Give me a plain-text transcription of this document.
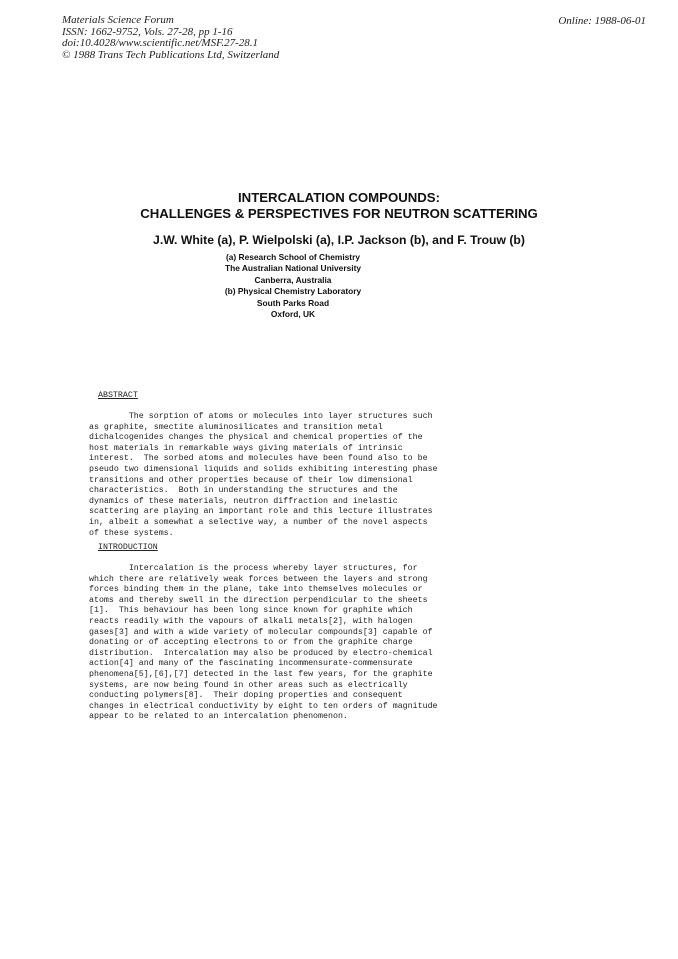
Materials Science Forum
ISSN: 1662-9752, Vols. 27-28, pp 1-16
doi:10.4028/www.scientific.net/MSF.27-28.1
© 1988 Trans Tech Publications Ltd, Switzerland
Online: 1988-06-01
INTERCALATION COMPOUNDS:
CHALLENGES & PERSPECTIVES FOR NEUTRON SCATTERING
J.W. White (a), P. Wielpolski (a), I.P. Jackson (b), and F. Trouw (b)
(a) Research School of Chemistry
The Australian National University
Canberra, Australia
(b) Physical Chemistry Laboratory
South Parks Road
Oxford, UK
ABSTRACT
The sorption of atoms or molecules into layer structures such
as graphite, smectite aluminosilicates and transition metal
dichalcogenides changes the physical and chemical properties of the
host materials in remarkable ways giving materials of intrinsic
interest.  The sorbed atoms and molecules have been found also to be
pseudo two dimensional liquids and solids exhibiting interesting phase
transitions and other properties because of their low dimensional
characteristics.  Both in understanding the structures and the
dynamics of these materials, neutron diffraction and inelastic
scattering are playing an important role and this lecture illustrates
in, albeit a somewhat a selective way, a number of the novel aspects
of these systems.
INTRODUCTION
Intercalation is the process whereby layer structures, for
which there are relatively weak forces between the layers and strong
forces binding them in the plane, take into themselves molecules or
atoms and thereby swell in the direction perpendicular to the sheets
[1].  This behaviour has been long since known for graphite which
reacts readily with the vapours of alkali metals[2], with halogen
gases[3] and with a wide variety of molecular compounds[3] capable of
donating or of accepting electrons to or from the graphite charge
distribution.  Intercalation may also be produced by electro-chemical
action[4] and many of the fascinating incommensurate-commensurate
phenomena[5],[6],[7] detected in the last few years, for the graphite
systems, are now being found in other areas such as electrically
conducting polymers[8].  Their doping properties and consequent
changes in electrical conductivity by eight to ten orders of magnitude
appear to be related to an intercalation phenomenon.
